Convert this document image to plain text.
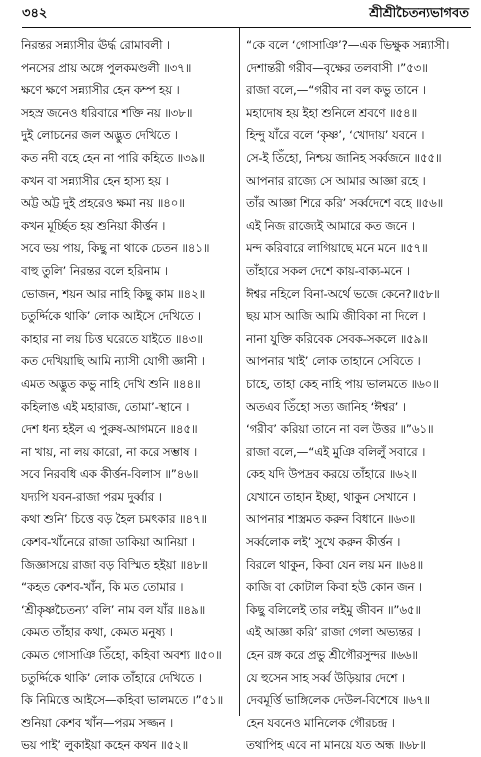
৩৪২	শ্রীশ্রীচৈতন্যভাগবত
নিরন্তর সন্ন্যাসীর ঊর্দ্ধ রোমাবলী ।
পনসের প্রায় অঙ্গে পুলকমণ্ডলী ॥৩৭॥
ক্ষণে ক্ষণে সন্ন্যাসীর হেন কম্প হয় ।
সহস্র জনেও ধরিবারে শক্তি নয় ॥৩৮॥
দুই লোচনের জল অদ্ভুত দেখিতে ।
কত নদী বহে হেন না পারি কহিতে ॥৩৯॥
কখন বা সন্ন্যাসীর হেন হাস্য হয় ।
অট্ট অট্ট দুই প্রহরেও ক্ষমা নয় ॥৪০॥
কখন মূর্চ্ছিত হয় শুনিয়া কীর্ত্তন ।
সবে ভয় পায়, কিছু না থাকে চেতন ॥৪১॥
বাহু তুলি’ নিরন্তর বলে হরিনাম ।
ভোজন, শয়ন আর নাহি কিছু কাম ॥৪২॥
চতুর্দ্দিকে থাকি’ লোক আইসে দেখিতে ।
কাহার না লয় চিত্ত ঘরেতে যাইতে ॥৪৩॥
কত দেখিয়াছি আমি ন্যাসী যোগী জ্ঞানী ।
এমত অদ্ভুত কভু নাহি দেখি শুনি ॥৪৪॥
কহিলাঙ এই মহারাজ, তোমা’-স্থানে ।
দেশ ধন্য হইল এ পুরুষ-আগমনে ॥৪৫॥
না খায়, না লয় কারো, না করে সম্ভাষ ।
সবে নিরবধি এক কীর্ত্তন-বিলাস ॥”৪৬॥
যদ্যপি যবন-রাজা পরম দুর্ব্বার ।
কথা শুনি’ চিত্তে বড় হৈল চমৎকার ॥৪৭॥
কেশব-খাঁনেরে রাজা ডাকিয়া আনিয়া ।
জিজ্ঞাসয়ে রাজা বড় বিস্মিত হইয়া ॥৪৮॥
“কহত কেশব-খাঁন, কি মত তোমার ।
‘শ্রীকৃষ্ণচৈতন্য’ বলি’ নাম বল যাঁর ॥৪৯॥
কেমত তাঁহার কথা, কেমত মনুষ্য ।
কেমত গোসাঞি তিঁহো, কহিবা অবশ্য ॥৫০॥
চতুর্দ্দিকে থাকি’ লোক তাঁহারে দেখিতে ।
কি নিমিত্তে আইসে—কহিবা ভালমতে ।”৫১॥
শুনিয়া কেশব খাঁন—পরম সজ্জন ।
ভয় পাই’ লুকাইয়া কহেন কথন ॥৫২॥
“কে বলে ‘গোসাঞি’?—এক ভিক্ষুক সন্ন্যাসী।
দেশান্তরী গরীব—বৃক্ষের তলবাসী ।”৫৩॥
রাজা বলে,—“গরীব না বল কভু তানে ।
মহাদোষ হয় ইহা শুনিলে শ্রবণে ॥৫৪॥
হিন্দু যাঁরে বলে ‘কৃষ্ণ’, ‘খোদায়’ যবনে ।
সে-ই তিঁহো, নিশ্চয় জানিহ সর্ব্বজনে ॥৫৫॥
আপনার রাজ্যে সে আমার আজ্ঞা রহে ।
তাঁর আজ্ঞা শিরে করি’ সর্ব্বদেশে বহে ॥৫৬॥
এই নিজ রাজ্যেই আমারে কত জনে ।
মন্দ করিবারে লাগিয়াছে মনে মনে ॥৫৭॥
তাঁহারে সকল দেশে কায়-বাক্য-মনে ।
ঈশ্বর নহিলে বিনা-অর্থে ভজে কেনে?॥৫৮॥
ছয় মাস আজি আমি জীবিকা না দিলে ।
নানা যুক্তি করিবেক সেবক-সকলে ॥৫৯॥
আপনার খাই’ লোক তাহানে সেবিতে ।
চাহে, তাহা কেহ নাহি পায় ভালমতে ॥৬০॥
অতএব তিঁহো সত্য জানিহ ‘ঈশ্বর’ ।
‘গরীব’ করিয়া তানে না বল উত্তর ॥”৬১॥
রাজা বলে,—“এই মুঞি বলিলুঁ সবারে ।
কেহ যদি উপদ্রব করয়ে তাঁহারে ॥৬২॥
যেখানে তাহান ইচ্ছা, থাকুন সেখানে ।
আপনার শাস্ত্রমত করুন বিধানে ॥৬৩॥
সর্ব্বলোক লই’ সুখে করুন কীর্ত্তন ।
বিরলে থাকুন, কিবা যেন লয় মন ॥৬৪॥
কাজি বা কোটাল কিবা হউ কোন জন ।
কিছু বলিলেই তার লইমু জীবন ॥”৬৫॥
এই আজ্ঞা করি’ রাজা গেলা অভ্যন্তর ।
হেন রঙ্গ করে প্রভু শ্রীগৌরসুন্দর ॥৬৬॥
যে হুসেন সাহ সর্ব্ব উড়িয়ার দেশে ।
দেবমূর্ত্তি ভাঙ্গিলেক দেউল-বিশেষে ॥৬৭॥
হেন যবনেও মানিলেক গৌরচন্দ্র ।
তথাপিহ এবে না মানয়ে যত অন্ধ ॥৬৮॥
